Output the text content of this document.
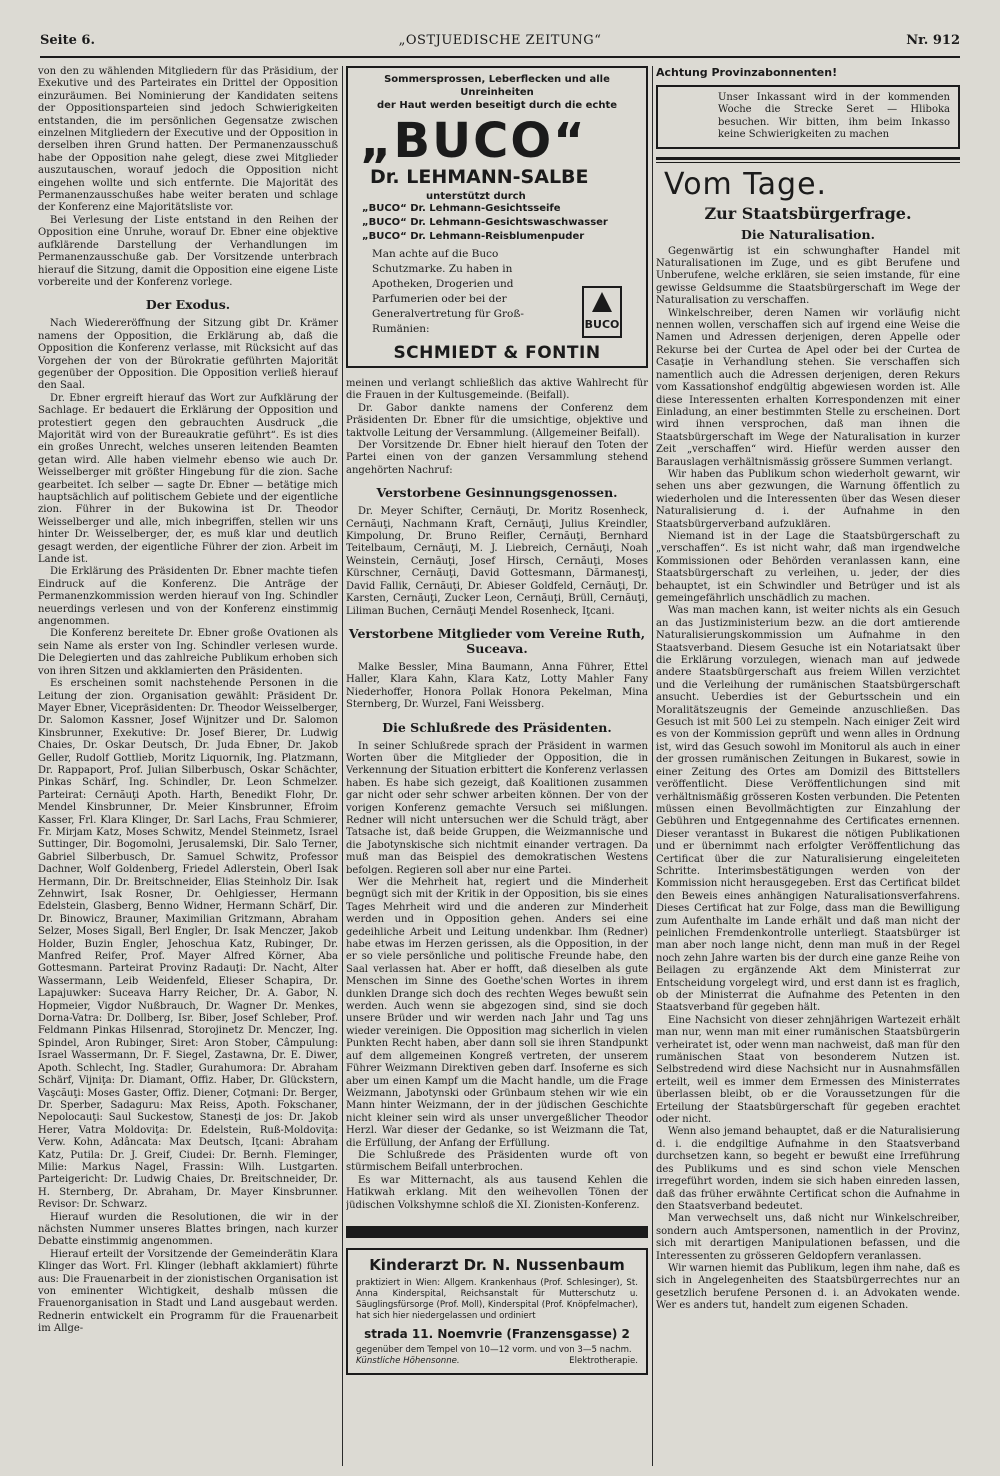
Seite 6.	„OSTJUEDISCHE ZEITUNG“	Nr. 912

von den zu wählenden Mitgliedern für das Präsidium, der Exekutive und des Parteirates ein Drittel der Opposition einzuräumen. Bei Nominierung der Kandidaten seitens der Oppositionsparteien sind jedoch Schwierigkeiten entstanden, die im persönlichen Gegensatze zwischen einzelnen Mitgliedern der Executive und der Opposition in derselben ihren Grund hatten. Der Permanenzausschuß habe der Opposition nahe gelegt, diese zwei Mitglieder auszutauschen, worauf jedoch die Opposition nicht eingehen wollte und sich entfernte. Die Majorität des Permanenzausschußes habe weiter beraten und schlage der Konferenz eine Majoritätsliste vor.

Bei Verlesung der Liste entstand in den Reihen der Opposition eine Unruhe, worauf Dr. Ebner eine objektive aufklärende Darstellung der Verhandlungen im Permanenzausschuße gab. Der Vorsitzende unterbrach hierauf die Sitzung, damit die Opposition eine eigene Liste vorbereite und der Konferenz vorlege.

Der Exodus.

Nach Wiedereröffnung der Sitzung gibt Dr. Krämer namens der Opposition, die Erklärung ab, daß die Opposition die Konferenz verlasse, mit Rücksicht auf das Vorgehen der von der Bürokratie geführten Majorität gegenüber der Opposition. Die Opposition verließ hierauf den Saal.

Dr. Ebner ergreift hierauf das Wort zur Aufklärung der Sachlage. Er bedauert die Erklärung der Opposition und protestiert gegen den gebrauchten Ausdruck „die Majorität wird von der Bureaukratie geführt“. Es ist dies ein großes Unrecht, welches unseren leitenden Beamten getan wird. Alle haben vielmehr ebenso wie auch Dr. Weisselberger mit größter Hingebung für die zion. Sache gearbeitet. Ich selber — sagte Dr. Ebner — betätige mich hauptsächlich auf politischem Gebiete und der eigentliche zion. Führer in der Bukowina ist Dr. Theodor Weisselberger und alle, mich inbegriffen, stellen wir uns hinter Dr. Weisselberger, der, es muß klar und deutlich gesagt werden, der eigentliche Führer der zion. Arbeit im Lande ist.

Die Erklärung des Präsidenten Dr. Ebner machte tiefen Eindruck auf die Konferenz. Die Anträge der Permanenzkommission werden hierauf von Ing. Schindler neuerdings verlesen und von der Konferenz einstimmig angenommen.

Die Konferenz bereitete Dr. Ebner große Ovationen als sein Name als erster von Ing. Schindler verlesen wurde. Die Delegierten und das zahlreiche Publikum erhoben sich von ihren Sitzen und akklamierten den Präsidenten.

Es erscheinen somit nachstehende Personen in die Leitung der zion. Organisation gewählt: Präsident Dr. Mayer Ebner, Vicepräsidenten: Dr. Theodor Weisselberger, Dr. Salomon Kassner, Josef Wijnitzer und Dr. Salomon Kinsbrunner, Exekutive: Dr. Josef Bierer, Dr. Ludwig Chaies, Dr. Oskar Deutsch, Dr. Juda Ebner, Dr. Jakob Geller, Rudolf Gottlieb, Moritz Liquornik, Ing. Platzmann, Dr. Rappaport, Prof. Julian Silberbusch, Oskar Schächter, Pinkas Schärf, Ing. Schindler, Dr. Leon Schmelzer. Parteirat: Cernăuţi Apoth. Harth, Benedikt Flohr, Dr. Mendel Kinsbrunner, Dr. Meier Kinsbrunner, Efroim Kasser, Frl. Klara Klinger, Dr. Sarl Lachs, Frau Schmierer, Fr. Mirjam Katz, Moses Schwitz, Mendel Steinmetz, Israel Suttinger, Dir. Bogomolni, Jerusalemski, Dir. Salo Terner, Gabriel Silberbusch, Dr. Samuel Schwitz, Professor Dachner, Wolf Goldenberg, Friedel Adlerstein, Oberl Isak Hermann, Dir. Dr. Breitschneider, Elias Steinholz Dir. Isak Zehnwirt, Isak Rosner, Dr. Oehlgiesser, Hermann Edelstein, Glasberg, Benno Widner, Hermann Schärf, Dir. Dr. Binowicz, Brauner, Maximilian Gritzmann, Abraham Selzer, Moses Sigall, Berl Engler, Dr. Isak Menczer, Jakob Holder, Buzin Engler, Jehoschua Katz, Rubinger, Dr. Manfred Reifer, Prof. Mayer Alfred Körner, Aba Gottesmann. Parteirat Provinz Radauţi: Dr. Nacht, Alter Wassermann, Leib Weidenfeld, Elieser Schapira, Dr. Lapajuwker: Suceava Harry Reicher, Dr. A. Gabor, N. Hopmeier, Vigdor Nußbrauch, Dr. Wagner Dr. Menkes, Dorna-Vatra: Dr. Dollberg, Isr. Biber, Josef Schleber, Prof. Feldmann Pinkas Hilsenrad, Storojinetz Dr. Menczer, Ing. Spindel, Aron Rubinger, Siret: Aron Stober, Câmpulung: Israel Wassermann, Dr. F. Siegel, Zastawna, Dr. E. Diwer, Apoth. Schlecht, Ing. Stadler, Gurahumora: Dr. Abraham Schärf, Vijniţa: Dr. Diamant, Offiz. Haber, Dr. Glückstern, Vaşcăuţi: Moses Gaster, Offiz. Diener, Coţmani: Dr. Berger, Dr. Sperber, Sadaguru: Max Reiss, Apoth. Fokschaner, Nepolocauţi: Saul Suckestow, Stanesţi de jos: Dr. Jakob Herer, Vatra Moldoviţa: Dr. Edelstein, Ruß-Moldoviţa: Verw. Kohn, Adâncata: Max Deutsch, Iţcani: Abraham Katz, Putila: Dr. J. Greif, Ciudei: Dr. Bernh. Fleminger, Milie: Markus Nagel, Frassin: Wilh. Lustgarten. Parteigericht: Dr. Ludwig Chaies, Dr. Breitschneider, Dr. H. Sternberg, Dr. Abraham, Dr. Mayer Kinsbrunner. Revisor: Dr. Schwarz.

Hierauf wurden die Resolutionen, die wir in der nächsten Nummer unseres Blattes bringen, nach kurzer Debatte einstimmig angenommen.

Hierauf erteilt der Vorsitzende der Gemeinderätin Klara Klinger das Wort. Frl. Klinger (lebhaft akklamiert) führte aus: Die Frauenarbeit in der zionistischen Organisation ist von eminenter Wichtigkeit, deshalb müssen die Frauenorganisation in Stadt und Land ausgebaut werden. Rednerin entwickelt ein Programm für die Frauenarbeit im Allge-

Sommersprossen, Leberflecken und alle Unreinheiten
der Haut werden beseitigt durch die echte
„BUCO“
Dr. LEHMANN-SALBE
unterstützt durch
„BUCO“ Dr. Lehmann-Gesichtsseife
„BUCO“ Dr. Lehmann-Gesichtswaschwasser
„BUCO“ Dr. Lehmann-Reisblumenpuder
Man achte auf die Buco Schutzmarke. Zu haben in Apotheken, Drogerien und Parfumerien oder bei der Generalvertretung für Groß-Rumänien:	BUCO
SCHMIEDT & FONTIN

meinen und verlangt schließlich das aktive Wahlrecht für die Frauen in der Kultusgemeinde. (Beifall).

Dr. Gabor dankte namens der Conferenz dem Präsidenten Dr. Ebner für die umsichtige, objektive und taktvolle Leitung der Versammlung. (Allgemeiner Beifall).

Der Vorsitzende Dr. Ebner hielt hierauf den Toten der Partei einen von der ganzen Versammlung stehend angehörten Nachruf:

Verstorbene Gesinnungsgenossen.

Dr. Meyer Schifter, Cernăuţi, Dr. Moritz Rosenheck, Cernăuţi, Nachmann Kraft, Cernăuţi, Julius Kreindler, Kimpolung, Dr. Bruno Reifler, Cernăuţi, Bernhard Teitelbaum, Cernăuţi, M. J. Liebreich, Cernăuţi, Noah Weinstein, Cernăuţi, Josef Hirsch, Cernăuţi, Moses Kürschner, Cernăuţi, David Gottesmann, Dărmanesţi, David Fallik, Cernăuţi, Dr. Abieser Goldfeld, Cernăuţi, Dr. Karsten, Cernăuţi, Zucker Leon, Cernăuţi, Brüll, Cernăuţi, Liliman Buchen, Cernăuţi Mendel Rosenheck, Iţcani.

Verstorbene Mitglieder vom Vereine Ruth, Suceava.

Malke Bessler, Mina Baumann, Anna Führer, Ettel Haller, Klara Kahn, Klara Katz, Lotty Mahler Fany Niederhoffer, Honora Pollak Honora Pekelman, Mina Sternberg, Dr. Wurzel, Fani Weissberg.

Die Schlußrede des Präsidenten.

In seiner Schlußrede sprach der Präsident in warmen Worten über die Mitglieder der Opposition, die in Verkennung der Situation erbittert die Konferenz verlassen haben. Es habe sich gezeigt, daß Koalitionen zusammen gar nicht oder sehr schwer arbeiten können. Der von der vorigen Konferenz gemachte Versuch sei mißlungen. Redner will nicht untersuchen wer die Schuld trägt, aber Tatsache ist, daß beide Gruppen, die Weizmannische und die Jabotynskische sich nichtmit einander vertragen. Da muß man das Beispiel des demokratischen Westens befolgen. Regieren soll aber nur eine Partei.

Wer die Mehrheit hat, regiert und die Minderheit begnügt sich mit der Kritik in der Opposition, bis sie eines Tages Mehrheit wird und die anderen zur Minderheit werden und in Opposition gehen. Anders sei eine gedeihliche Arbeit und Leitung undenkbar. Ihm (Redner) habe etwas im Herzen gerissen, als die Opposition, in der er so viele persönliche und politische Freunde habe, den Saal verlassen hat. Aber er hofft, daß dieselben als gute Menschen im Sinne des Goethe'schen Wortes in ihrem dunklen Drange sich doch des rechten Weges bewußt sein werden. Auch wenn sie abgezogen sind, sind sie doch unsere Brüder und wir werden nach Jahr und Tag uns wieder vereinigen. Die Opposition mag sicherlich in vielen Punkten Recht haben, aber dann soll sie ihren Standpunkt auf dem allgemeinen Kongreß vertreten, der unserem Führer Weizmann Direktiven geben darf. Insoferne es sich aber um einen Kampf um die Macht handle, um die Frage Weizmann, Jabotynski oder Grünbaum stehen wir wie ein Mann hinter Weizmann, der in der jüdischen Geschichte nicht kleiner sein wird als unser unvergeßlicher Theodor Herzl. War dieser der Gedanke, so ist Weizmann die Tat, die Erfüllung, der Anfang der Erfüllung.

Die Schlußrede des Präsidenten wurde oft von stürmischem Beifall unterbrochen.

Es war Mitternacht, als aus tausend Kehlen die Hatikwah erklang. Mit den weihevollen Tönen der jüdischen Volkshymne schloß die XI. Zionisten-Konferenz.

Kinderarzt Dr. N. Nussenbaum
praktiziert in Wien: Allgem. Krankenhaus (Prof. Schlesinger), St. Anna Kinderspital, Reichsanstalt für Mutterschutz u. Säuglingsfürsorge (Prof. Moll), Kinderspital (Prof. Knöpfelmacher), hat sich hier niedergelassen und ordiniert
strada 11. Noemvrie (Franzensgasse) 2
gegenüber dem Tempel von 10—12 vorm. und von 3—5 nachm.
Elektrotherapie.
Künstliche Höhensonne.
Achtung Provinzabonnenten!
Unser Inkassant wird in der kommenden Woche die Strecke Seret — Hliboka besuchen. Wir bitten, ihm beim Inkasso keine Schwierigkeiten zu machen
Vom Tage.
Zur Staatsbürgerfrage.
Die Naturalisation.

Gegenwärtig ist ein schwunghafter Handel mit Naturalisationen im Zuge, und es gibt Berufene und Unberufene, welche erklären, sie seien imstande, für eine gewisse Geldsumme die Staatsbürgerschaft im Wege der Naturalisation zu verschaffen.

Winkelschreiber, deren Namen wir vorläufig nicht nennen wollen, verschaffen sich auf irgend eine Weise die Namen und Adressen derjenigen, deren Appelle oder Rekurse bei der Curtea de Apel oder bei der Curtea de Casaţie in Verhandlung stehen. Sie verschaffen sich namentlich auch die Adressen derjenigen, deren Rekurs vom Kassationshof endgültig abgewiesen worden ist. Alle diese Interessenten erhalten Korrespondenzen mit einer Einladung, an einer bestimmten Stelle zu erscheinen. Dort wird ihnen versprochen, daß man ihnen die Staatsbürgerschaft im Wege der Naturalisation in kurzer Zeit „verschaffen“ wird. Hiefür werden ausser den Barauslagen verhältnismässig grössere Summen verlangt.

Wir haben das Publikum schon wiederholt gewarnt, wir sehen uns aber gezwungen, die Warnung öffentlich zu wiederholen und die Interessenten über das Wesen dieser Naturalisierung d. i. der Aufnahme in den Staatsbürgerverband aufzuklären.

Niemand ist in der Lage die Staatsbürgerschaft zu „verschaffen“. Es ist nicht wahr, daß man irgendwelche Kommissionen oder Behörden veranlassen kann, eine Staatsbürgerschaft zu verleihen, u. jeder, der dies behauptet, ist ein Schwindler und Betrüger und ist als gemeingefährlich unschädlich zu machen.

Was man machen kann, ist weiter nichts als ein Gesuch an das Justizministerium bezw. an die dort amtierende Naturalisierungskommission um Aufnahme in den Staatsverband. Diesem Gesuche ist ein Notariatsakt über die Erklärung vorzulegen, wienach man auf jedwede andere Staatsbürgerschaft aus freiem Willen verzichtet und die Verleihung der rumänischen Staatsbürgerschaft ansucht. Ueberdies ist der Geburtsschein und ein Moralitätszeugnis der Gemeinde anzuschließen. Das Gesuch ist mit 500 Lei zu stempeln. Nach einiger Zeit wird es von der Kommission geprüft und wenn alles in Ordnung ist, wird das Gesuch sowohl im Monitorul als auch in einer der grossen rumänischen Zeitungen in Bukarest, sowie in einer Zeitung des Ortes am Domizil des Bittstellers veröffentlicht. Diese Veröffentlichungen sind mit verhältnismäßig grösseren Kosten verbunden. Die Petenten müssen einen Bevollmächtigten zur Einzahlung der Gebühren und Entgegennahme des Certificates ernennen. Dieser verantasst in Bukarest die nötigen Publikationen und er übernimmt nach erfolgter Veröffentlichung das Certificat über die zur Naturalisierung eingeleiteten Schritte. Interimsbestätigungen werden von der Kommission nicht herausgegeben. Erst das Certificat bildet den Beweis eines anhängigen Naturalisationsverfahrens. Dieses Certificat hat zur Folge, dass man die Bewilligung zum Aufenthalte im Lande erhält und daß man nicht der peinlichen Fremdenkontrolle unterliegt. Staatsbürger ist man aber noch lange nicht, denn man muß in der Regel noch zehn Jahre warten bis der durch eine ganze Reihe von Beilagen zu ergänzende Akt dem Ministerrat zur Entscheidung vorgelegt wird, und erst dann ist es fraglich, ob der Ministerrat die Aufnahme des Petenten in den Staatsverband für gegeben hält.

Eine Nachsicht von dieser zehnjährigen Wartezeit erhält man nur, wenn man mit einer rumänischen Staatsbürgerin verheiratet ist, oder wenn man nachweist, daß man für den rumänischen Staat von besonderem Nutzen ist. Selbstredend wird diese Nachsicht nur in Ausnahmsfällen erteilt, weil es immer dem Ermessen des Ministerrates überlassen bleibt, ob er die Voraussetzungen für die Erteilung der Staatsbürgerschaft für gegeben erachtet oder nicht.

Wenn also jemand behauptet, daß er die Naturalisierung d. i. die endgiltige Aufnahme in den Staatsverband durchsetzen kann, so begeht er bewußt eine Irreführung des Publikums und es sind schon viele Menschen irregeführt worden, indem sie sich haben einreden lassen, daß das früher erwähnte Certificat schon die Aufnahme in den Staatsverband bedeutet.

Man verwechselt uns, daß nicht nur Winkelschreiber, sondern auch Amtspersonen, namentlich in der Provinz, sich mit derartigen Manipulationen befassen, und die Interessenten zu grösseren Geldopfern veranlassen.

Wir warnen hiemit das Publikum, legen ihm nahe, daß es sich in Angelegenheiten des Staatsbürgerrechtes nur an gesetzlich berufene Personen d. i. an Advokaten wende. Wer es anders tut, handelt zum eigenen Schaden.
